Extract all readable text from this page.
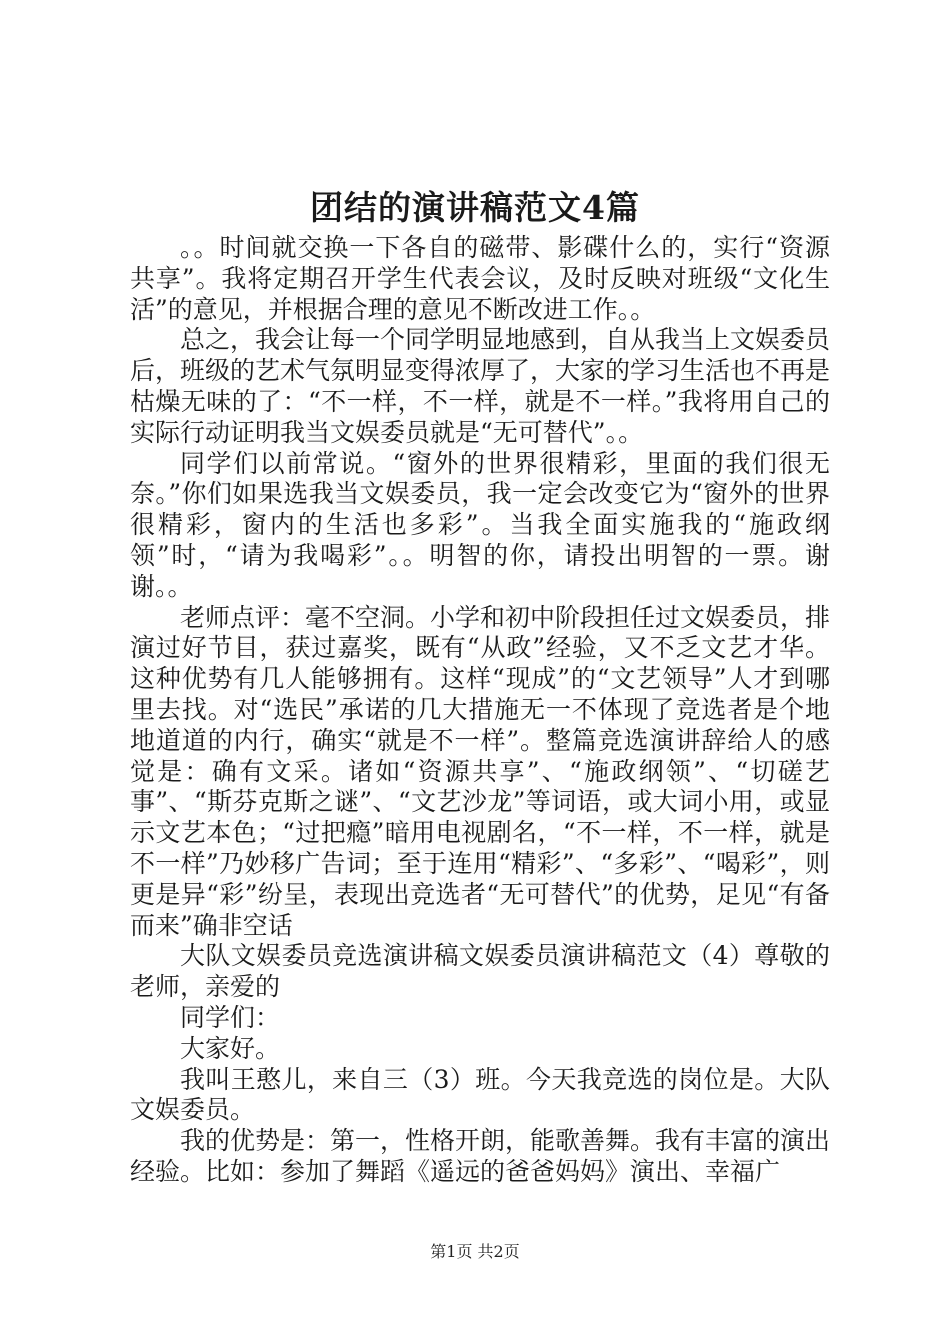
团结的演讲稿范文4篇

。。时间就交换一下各自的磁带、影碟什么的，实行“资源共享”。我将定期召开学生代表会议，及时反映对班级“文化生活”的意见，并根据合理的意见不断改进工作。。

总之，我会让每一个同学明显地感到，自从我当上文娱委员后，班级的艺术气氛明显变得浓厚了，大家的学习生活也不再是枯燥无味的了：“不一样，不一样，就是不一样。”我将用自己的实际行动证明我当文娱委员就是“无可替代”。。

同学们以前常说。“窗外的世界很精彩，里面的我们很无奈。”你们如果选我当文娱委员，我一定会改变它为“窗外的世界很精彩，窗内的生活也多彩”。当我全面实施我的“施政纲领”时，“请为我喝彩”。。明智的你，请投出明智的一票。谢谢。。

老师点评：毫不空洞。小学和初中阶段担任过文娱委员，排演过好节目，获过嘉奖，既有“从政”经验，又不乏文艺才华。这种优势有几人能够拥有。这样“现成”的“文艺领导”人才到哪里去找。对“选民”承诺的几大措施无一不体现了竞选者是个地地道道的内行，确实“就是不一样”。整篇竞选演讲辞给人的感觉是：确有文采。诸如“资源共享”、“施政纲领”、“切磋艺事”、“斯芬克斯之谜”、“文艺沙龙”等词语，或大词小用，或显示文艺本色；“过把瘾”暗用电视剧名，“不一样，不一样，就是不一样”乃妙移广告词；至于连用“精彩”、“多彩”、“喝彩”，则更是异“彩”纷呈，表现出竞选者“无可替代”的优势，足见“有备而来”确非空话

大队文娱委员竞选演讲稿文娱委员演讲稿范文（4）尊敬的老师，亲爱的

同学们：

大家好。

我叫王憨儿，来自三（3）班。今天我竞选的岗位是。大队文娱委员。

我的优势是：第一，性格开朗，能歌善舞。我有丰富的演出经验。比如：参加了舞蹈《遥远的爸爸妈妈》演出、幸福广

第1页 共2页
